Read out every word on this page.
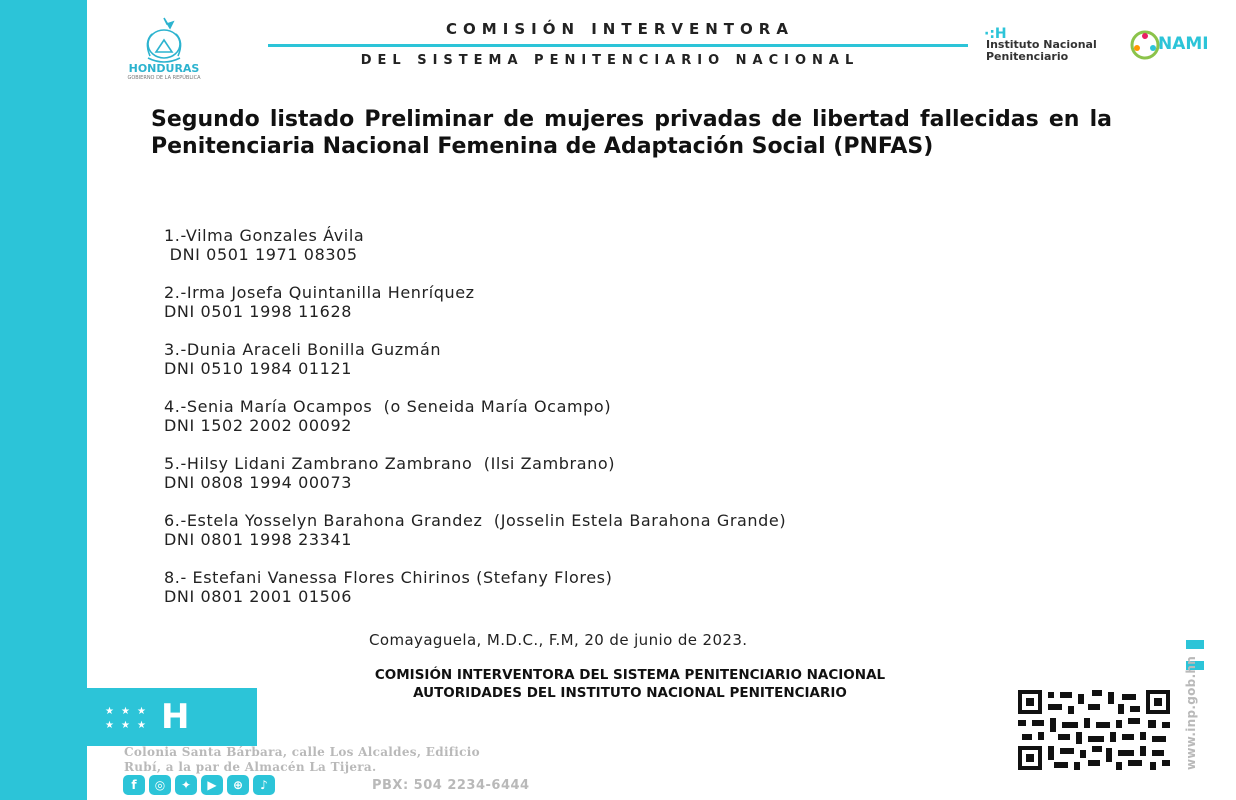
HONDURAS
GOBIERNO DE LA REPÚBLICA
COMISIÓN INTERVENTORA
DEL SISTEMA PENITENCIARIO NACIONAL
·:H
Instituto Nacional
Penitenciario
NAMI
Segundo listado Preliminar de mujeres privadas de libertad fallecidas en la Penitenciaria Nacional Femenina de Adaptación Social (PNFAS)
1.-Vilma Gonzales Ávila
DNI 0501 1971 08305
2.-Irma Josefa Quintanilla Henríquez
DNI 0501 1998 11628
3.-Dunia Araceli Bonilla Guzmán
DNI 0510 1984 01121
4.-Senia María Ocampos  (o Seneida María Ocampo)
DNI 1502 2002 00092
5.-Hilsy Lidani Zambrano Zambrano  (Ilsi Zambrano)
DNI 0808 1994 00073
6.-Estela Yosselyn Barahona Grandez  (Josselin Estela Barahona Grande)
DNI 0801 1998 23341
8.- Estefani Vanessa Flores Chirinos (Stefany Flores)
DNI 0801 2001 01506
Comayaguela, M.D.C., F.M, 20 de junio de 2023.
COMISIÓN INTERVENTORA DEL SISTEMA PENITENCIARIO NACIONAL
AUTORIDADES DEL INSTITUTO NACIONAL PENITENCIARIO
★ ★ ★
★ ★ ★ H
Colonia Santa Bárbara, calle Los Alcaldes, Edificio
Rubí, a la par de Almacén La Tijera.
f	◎	✦	▶	⊕	♪	PBX: 504 2234-6444
www.inp.gob.hn
